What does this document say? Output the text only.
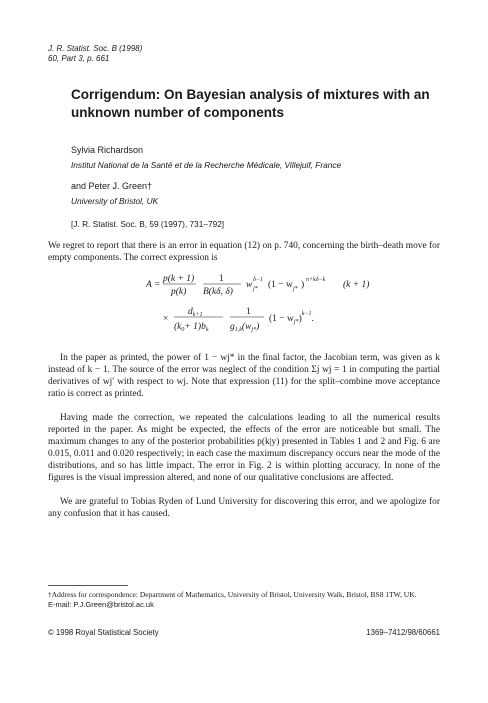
J. R. Statist. Soc. B (1998)
60, Part 3, p. 661
Corrigendum: On Bayesian analysis of mixtures with an unknown number of components
Sylvia Richardson
Institut National de la Santé et de la Recherche Médicale, Villejuif, France
and Peter J. Green†
University of Bristol, UK
[J. R. Statist. Soc. B, 59 (1997), 731–792]
We regret to report that there is an error in equation (12) on p. 740, concerning the birth–death move for empty components. The correct expression is
A =
p(k + 1)
p(k)
1
B(kδ, δ)
w j*
δ−1 (1 − w j* ) n+kδ−k (k + 1)
×
$d_{k+1}$
$(k_0+ 1)b_k$
1
$g_{1,k}(w_{j*})$
$(1 - w_{j*})^{k-1}$.
In the paper as printed, the power of 1 − wj* in the final factor, the Jacobian term, was given as k instead of k − 1. The source of the error was neglect of the condition Σj wj = 1 in computing the partial derivatives of wj′ with respect to wj. Note that expression (11) for the split–combine move acceptance ratio is correct as printed.
Having made the correction, we repeated the calculations leading to all the numerical results reported in the paper. As might be expected, the effects of the error are noticeable but small. The maximum changes to any of the posterior probabilities p(k|y) presented in Tables 1 and 2 and Fig. 6 are 0.015, 0.011 and 0.020 respectively; in each case the maximum discrepancy occurs near the mode of the distributions, and so has little impact. The error in Fig. 2 is within plotting accuracy. In none of the figures is the visual impression altered, and none of our qualitative conclusions are affected.
We are grateful to Tobias Ryden of Lund University for discovering this error, and we apologize for any confusion that it has caused.
†Address for correspondence: Department of Mathematics, University of Bristol, University Walk, Bristol, BS8 1TW, UK.
E-mail: P.J.Green@bristol.ac.uk
© 1998 Royal Statistical Society	1369–7412/98/60661
